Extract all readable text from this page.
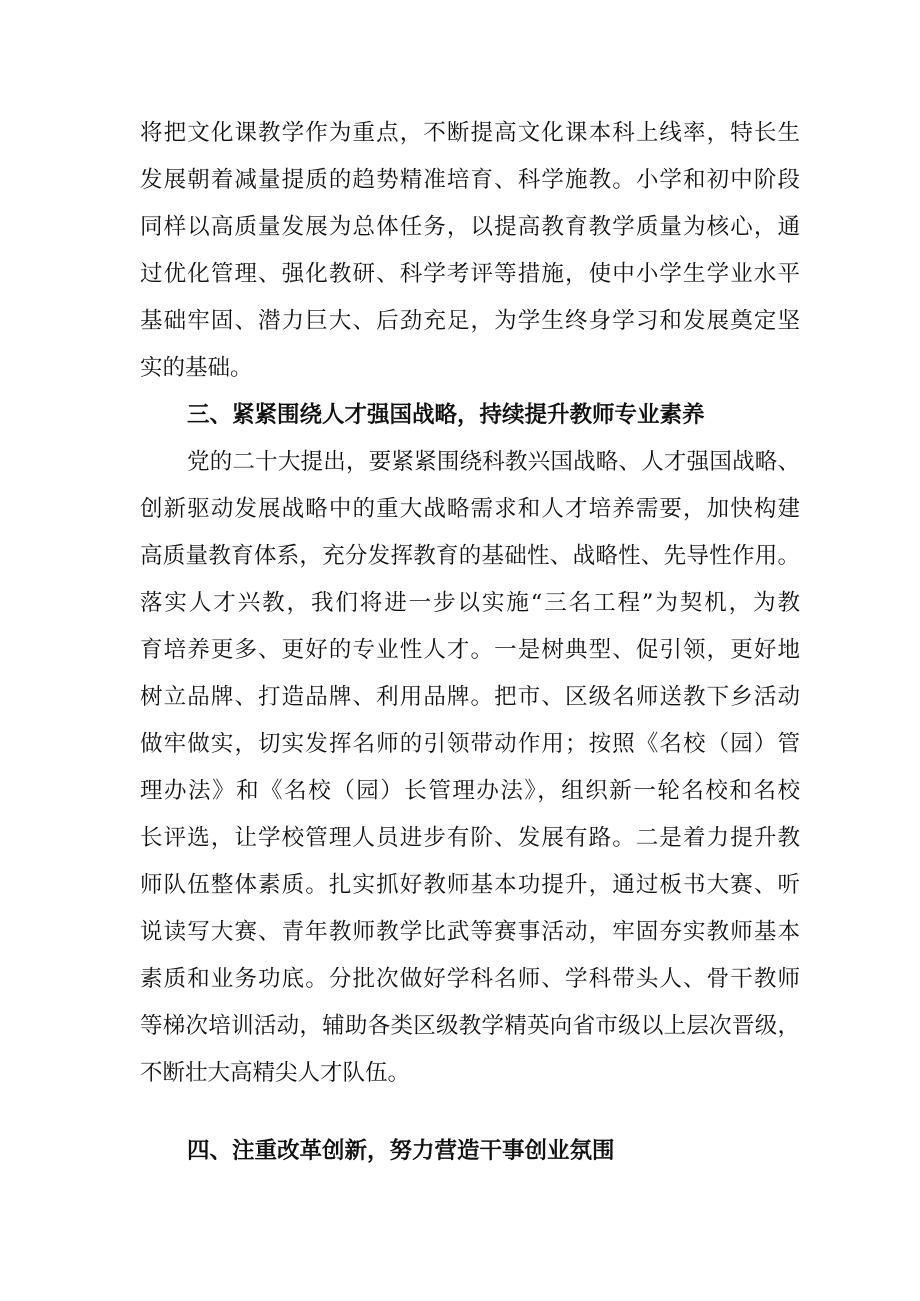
将把文化课教学作为重点，不断提高文化课本科上线率，特长生
发展朝着减量提质的趋势精准培育、科学施教。小学和初中阶段
同样以高质量发展为总体任务，以提高教育教学质量为核心，通
过优化管理、强化教研、科学考评等措施，使中小学生学业水平
基础牢固、潜力巨大、后劲充足，为学生终身学习和发展奠定坚
实的基础。
三、紧紧围绕人才强国战略，持续提升教师专业素养
党的二十大提出，要紧紧围绕科教兴国战略、人才强国战略、
创新驱动发展战略中的重大战略需求和人才培养需要，加快构建
高质量教育体系，充分发挥教育的基础性、战略性、先导性作用。
落实人才兴教，我们将进一步以实施“三名工程”为契机，为教
育培养更多、更好的专业性人才。一是树典型、促引领，更好地
树立品牌、打造品牌、利用品牌。把市、区级名师送教下乡活动
做牢做实，切实发挥名师的引领带动作用；按照《名校（园）管
理办法》和《名校（园）长管理办法》，组织新一轮名校和名校
长评选，让学校管理人员进步有阶、发展有路。二是着力提升教
师队伍整体素质。扎实抓好教师基本功提升，通过板书大赛、听
说读写大赛、青年教师教学比武等赛事活动，牢固夯实教师基本
素质和业务功底。分批次做好学科名师、学科带头人、骨干教师
等梯次培训活动，辅助各类区级教学精英向省市级以上层次晋级，
不断壮大高精尖人才队伍。
四、注重改革创新，努力营造干事创业氛围
